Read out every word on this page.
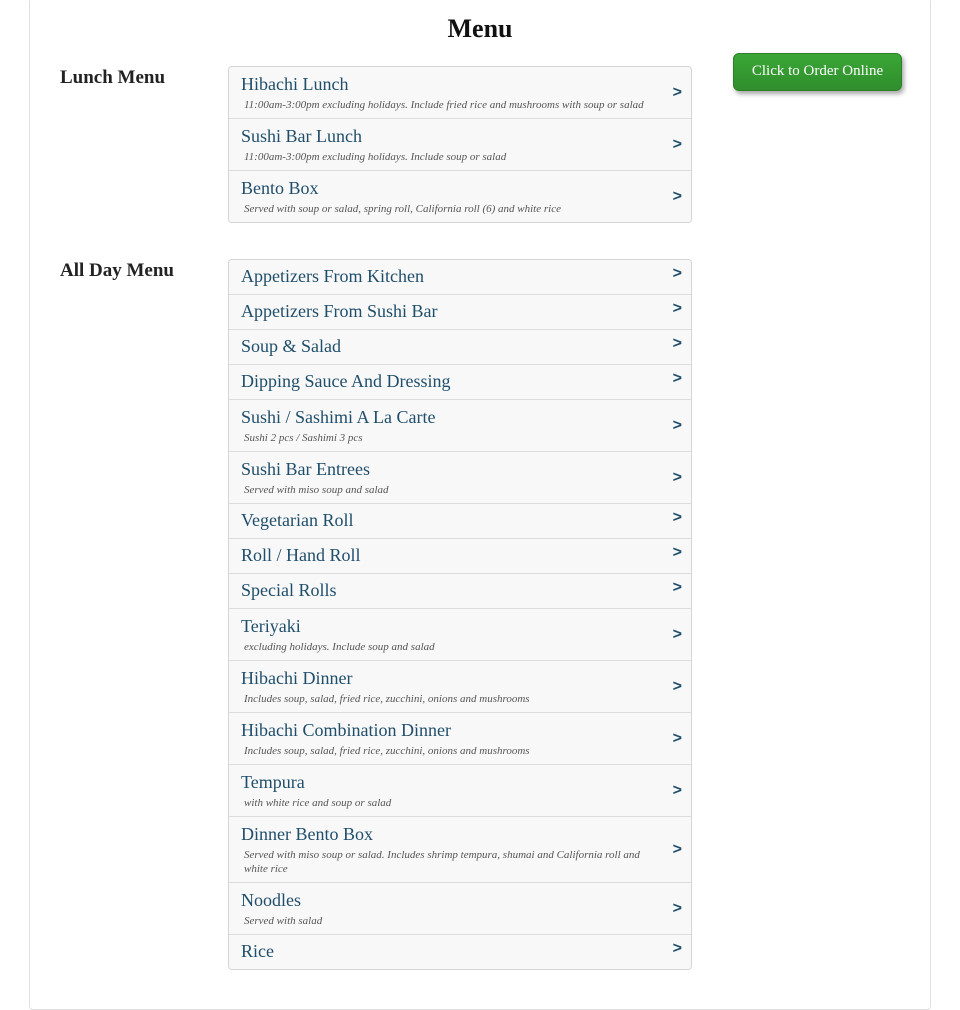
Menu
Lunch Menu
All Day Menu
Click to Order Online
Hibachi Lunch
11:00am-3:00pm excluding holidays. Include fried rice and mushrooms with soup or salad
>
Sushi Bar Lunch
11:00am-3:00pm excluding holidays. Include soup or salad
>
Bento Box
Served with soup or salad, spring roll, California roll (6) and white rice
>
Appetizers From Kitchen	>
Appetizers From Sushi Bar	>
Soup & Salad	>
Dipping Sauce And Dressing	>
Sushi / Sashimi A La Carte
Sushi 2 pcs / Sashimi 3 pcs
>
Sushi Bar Entrees
Served with miso soup and salad
>
Vegetarian Roll	>
Roll / Hand Roll	>
Special Rolls	>
Teriyaki
excluding holidays. Include soup and salad
>
Hibachi Dinner
Includes soup, salad, fried rice, zucchini, onions and mushrooms
>
Hibachi Combination Dinner
Includes soup, salad, fried rice, zucchini, onions and mushrooms
>
Tempura
with white rice and soup or salad
>
Dinner Bento Box
Served with miso soup or salad. Includes shrimp tempura, shumai and California roll and white rice
>
Noodles
Served with salad
>
Rice	>
